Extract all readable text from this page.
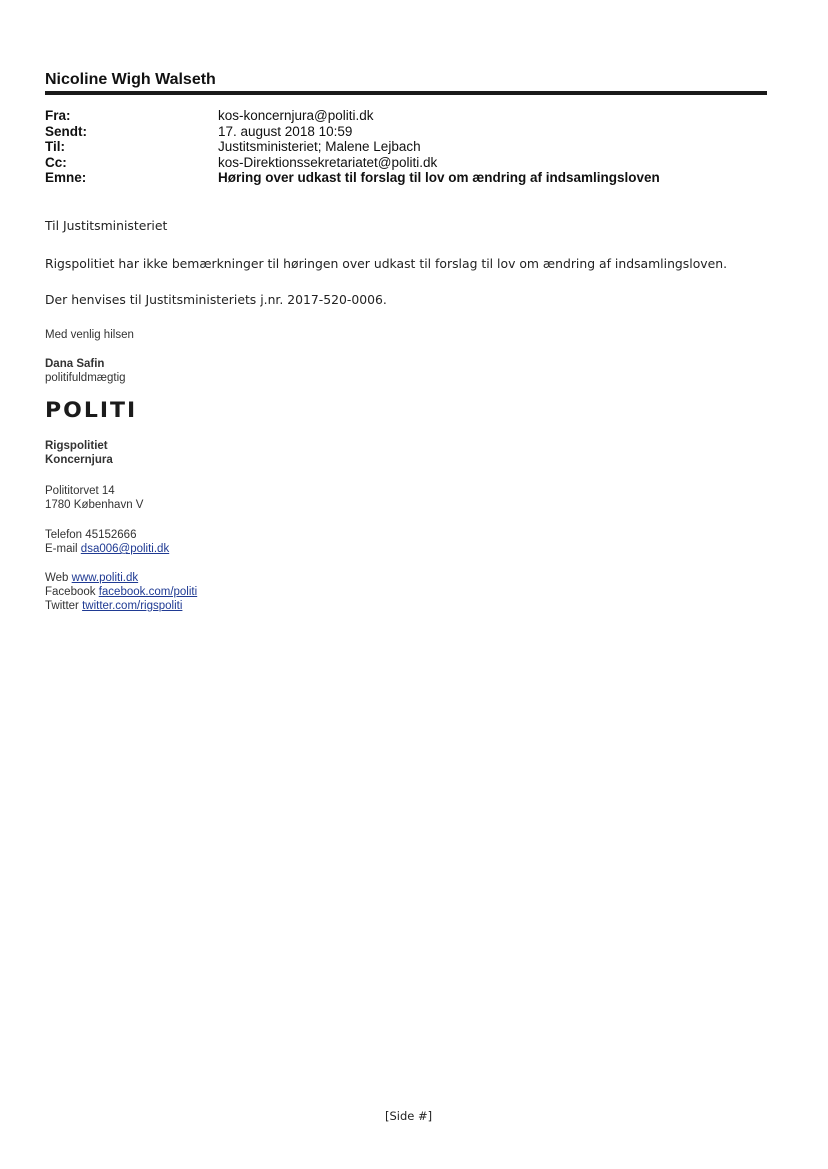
Nicoline Wigh Walseth
Fra:	kos-koncernjura@politi.dk
Sendt:	17. august 2018 10:59
Til:	Justitsministeriet; Malene Lejbach
Cc:	kos-Direktionssekretariatet@politi.dk
Emne:	Høring over udkast til forslag til lov om ændring af indsamlingsloven
Til Justitsministeriet
Rigspolitiet har ikke bemærkninger til høringen over udkast til forslag til lov om ændring af indsamlingsloven.
Der henvises til Justitsministeriets j.nr. 2017-520-0006.
Med venlig hilsen
Dana Safin
politifuldmægtig
POLITI
Rigspolitiet
Koncernjura
Polititorvet 14
1780 København V
Telefon 45152666
E-mail dsa006@politi.dk
Web www.politi.dk
Facebook facebook.com/politi
Twitter twitter.com/rigspoliti
[Side #]
